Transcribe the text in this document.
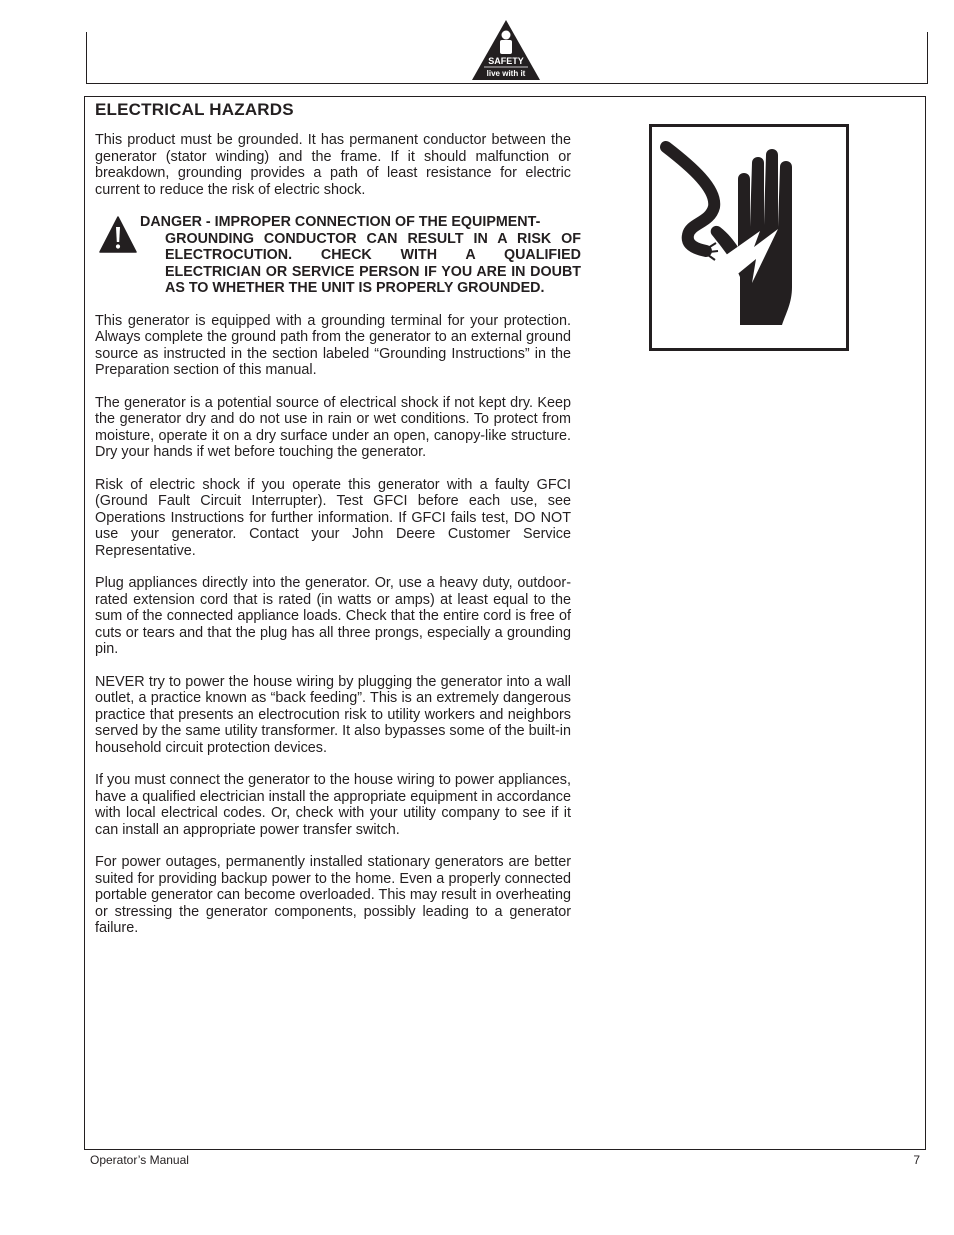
SAFETY
live with it
ELECTRICAL HAZARDS

This product must be grounded. It has permanent conductor between the generator (stator winding) and the frame. If it should malfunction or breakdown, grounding provides a path of least resistance for electric current to reduce the risk of electric shock.

DANGER - IMPROPER CONNECTION OF THE EQUIPMENT-
GROUNDING CONDUCTOR CAN RESULT IN A RISK OF ELECTROCUTION. CHECK WITH A QUALIFIED ELECTRICIAN OR SERVICE PERSON IF YOU ARE IN DOUBT AS TO WHETHER THE UNIT IS PROPERLY GROUNDED.

This generator is equipped with a grounding terminal for your protection. Always complete the ground path from the generator to an external ground source as instructed in the section labeled “Grounding Instructions” in the Preparation section of this manual.

The generator is a potential source of electrical shock if not kept dry. Keep the generator dry and do not use in rain or wet conditions. To protect from moisture, operate it on a dry surface under an open, canopy-like structure. Dry your hands if wet before touching the generator.

Risk of electric shock if you operate this generator with a faulty GFCI (Ground Fault Circuit Interrupter). Test GFCI before each use, see Operations Instructions for further information. If GFCI fails test, DO NOT use your generator. Contact your John Deere Customer Service Representative.

Plug appliances directly into the generator. Or, use a heavy duty, outdoor-rated extension cord that is rated (in watts or amps) at least equal to the sum of the connected appliance loads. Check that the entire cord is free of cuts or tears and that the plug has all three prongs, especially a grounding pin.

NEVER try to power the house wiring by plugging the generator into a wall outlet, a practice known as “back feeding”. This is an extremely dangerous practice that presents an electrocution risk to utility workers and neighbors served by the same utility transformer. It also bypasses some of the built-in household circuit protection devices.

If you must connect the generator to the house wiring to power appliances, have a qualified electrician install the appropriate equipment in accordance with local electrical codes. Or, check with your utility company to see if it can install an appropriate power transfer switch.

For power outages, permanently installed stationary generators are better suited for providing backup power to the home. Even a properly connected portable generator can become overloaded. This may result in overheating or stressing the generator components, possibly leading to a generator failure.

Operator’s Manual	7
